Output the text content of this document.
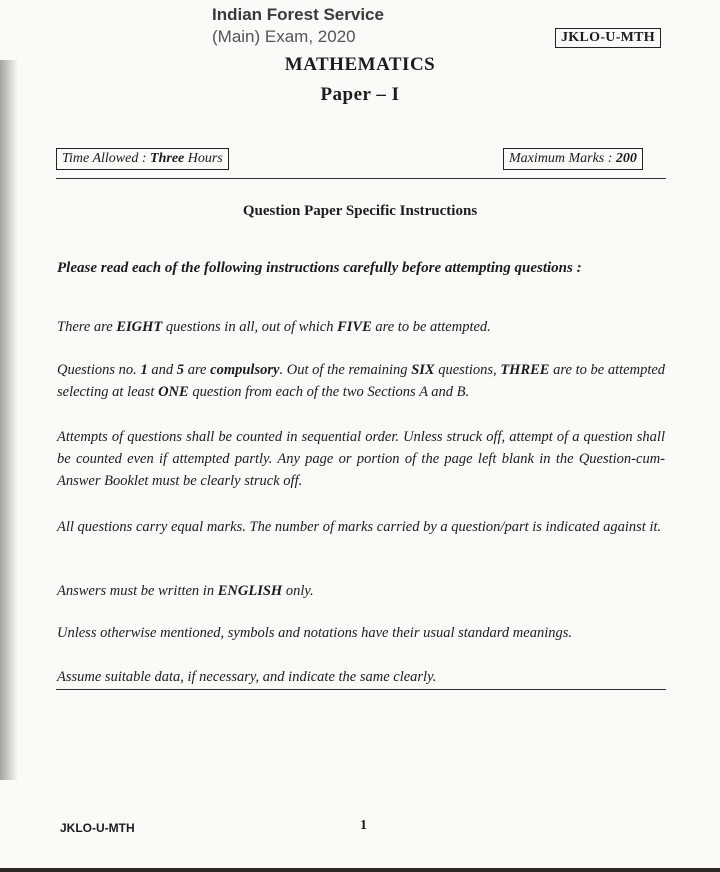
Indian Forest Service
(Main) Exam, 2020	JKLO-U-MTH
MATHEMATICS
Paper – I
Time Allowed : Three Hours	Maximum Marks : 200
Question Paper Specific Instructions
Please read each of the following instructions carefully before attempting questions :
There are EIGHT questions in all, out of which FIVE are to be attempted.
Questions no. 1 and 5 are compulsory. Out of the remaining SIX questions, THREE are to be attempted selecting at least ONE question from each of the two Sections A and B.
Attempts of questions shall be counted in sequential order. Unless struck off, attempt of a question shall be counted even if attempted partly. Any page or portion of the page left blank in the Question-cum-Answer Booklet must be clearly struck off.
All questions carry equal marks. The number of marks carried by a question/part is indicated against it.
Answers must be written in ENGLISH only.
Unless otherwise mentioned, symbols and notations have their usual standard meanings.
Assume suitable data, if necessary, and indicate the same clearly.
JKLO-U-MTH	1
